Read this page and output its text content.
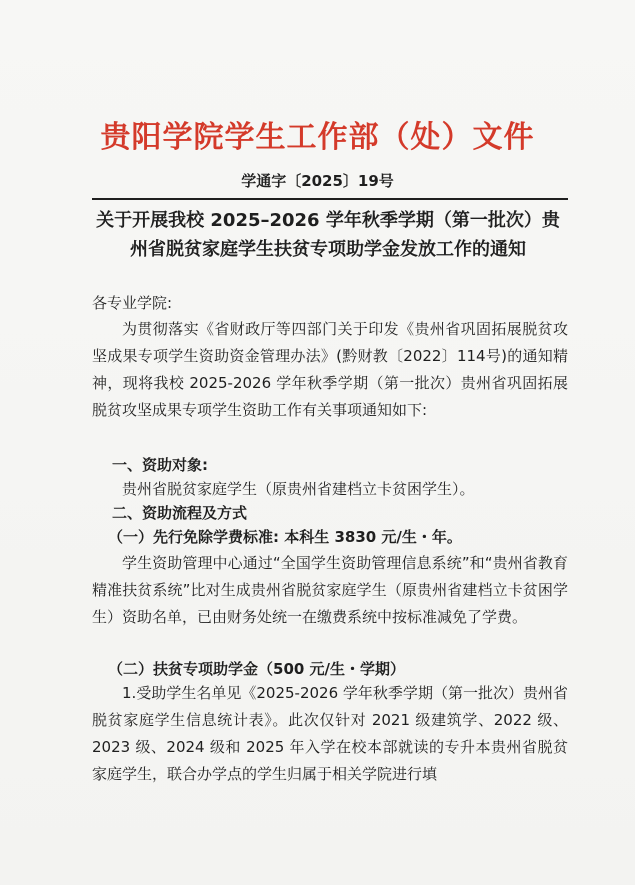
贵阳学院学生工作部（处）文件
学通字〔2025〕19号
关于开展我校 2025–2026 学年秋季学期（第一批次）贵州省脱贫家庭学生扶贫专项助学金发放工作的通知
各专业学院:
为贯彻落实《省财政厅等四部门关于印发《贵州省巩固拓展脱贫攻坚成果专项学生资助资金管理办法》(黔财教〔2022〕114号)的通知精神，现将我校 2025-2026 学年秋季学期（第一批次）贵州省巩固拓展脱贫攻坚成果专项学生资助工作有关事项通知如下:
一、资助对象:
贵州省脱贫家庭学生（原贵州省建档立卡贫困学生）。
二、资助流程及方式
（一）先行免除学费标准: 本科生 3830 元/生・年。
学生资助管理中心通过“全国学生资助管理信息系统”和“贵州省教育精准扶贫系统”比对生成贵州省脱贫家庭学生（原贵州省建档立卡贫困学生）资助名单，已由财务处统一在缴费系统中按标准减免了学费。
（二）扶贫专项助学金（500 元/生・学期）
1.受助学生名单见《2025-2026 学年秋季学期（第一批次）贵州省脱贫家庭学生信息统计表》。此次仅针对 2021 级建筑学、2022 级、2023 级、2024 级和 2025 年入学在校本部就读的专升本贵州省脱贫家庭学生，联合办学点的学生归属于相关学院进行填
